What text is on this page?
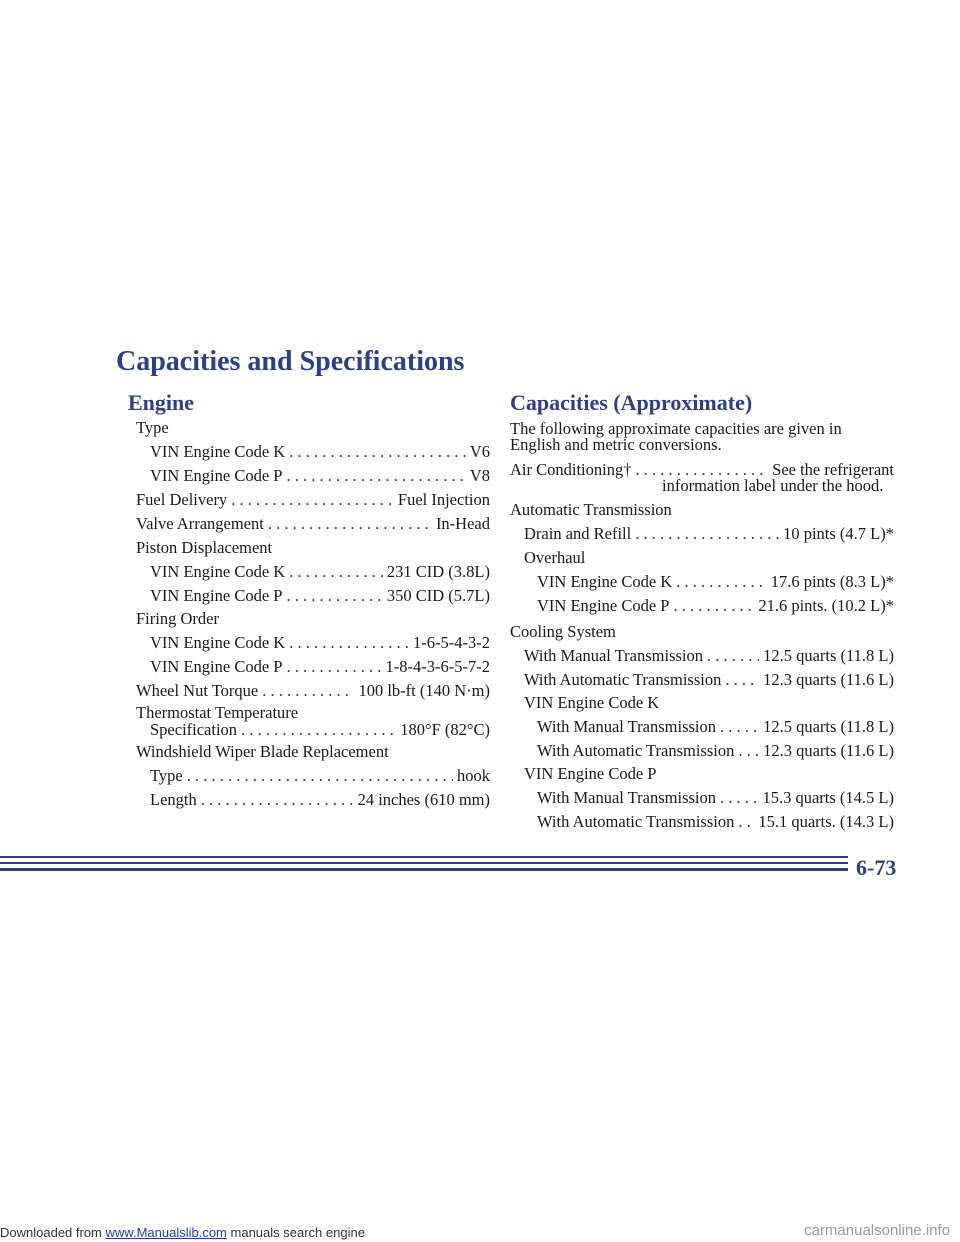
Capacities and Specifications
Engine
Type
VIN Engine Code K . . .	V6
VIN Engine Code P . . .	V8
Fuel Delivery . . .	Fuel Injection
Valve Arrangement . . .	In-Head
Piston Displacement
VIN Engine Code K . . .	231 CID (3.8L)
VIN Engine Code P . . .	350 CID (5.7L)
Firing Order
VIN Engine Code K . . .	1-6-5-4-3-2
VIN Engine Code P . . .	1-8-4-3-6-5-7-2
Wheel Nut Torque . . .	100 lb-ft (140 N·m)
Thermostat Temperature
Specification . . .	180°F (82°C)
Windshield Wiper Blade Replacement
Type . . .	hook
Length . . .	24 inches (610 mm)
Capacities (Approximate)
The following approximate capacities are given in
English and metric conversions.
Air Conditioning† . . .	See the refrigerant
information label under the hood.
Automatic Transmission
Drain and Refill . . .	10 pints (4.7 L)*
Overhaul
VIN Engine Code K . . .	17.6 pints (8.3 L)*
VIN Engine Code P . . .	21.6 pints. (10.2 L)*
Cooling System
With Manual Transmission . . .	12.5 quarts (11.8 L)
With Automatic Transmission . . .	12.3 quarts (11.6 L)
VIN Engine Code K
With Manual Transmission . . .	12.5 quarts (11.8 L)
With Automatic Transmission . . . 12.3 quarts (11.6 L)
VIN Engine Code P
With Manual Transmission . . .	15.3 quarts (14.5 L)
With Automatic Transmission . . . 15.1 quarts. (14.3 L)
6-73
Downloaded from www.Manualslib.com manuals search engine	carmanualsonline.info
